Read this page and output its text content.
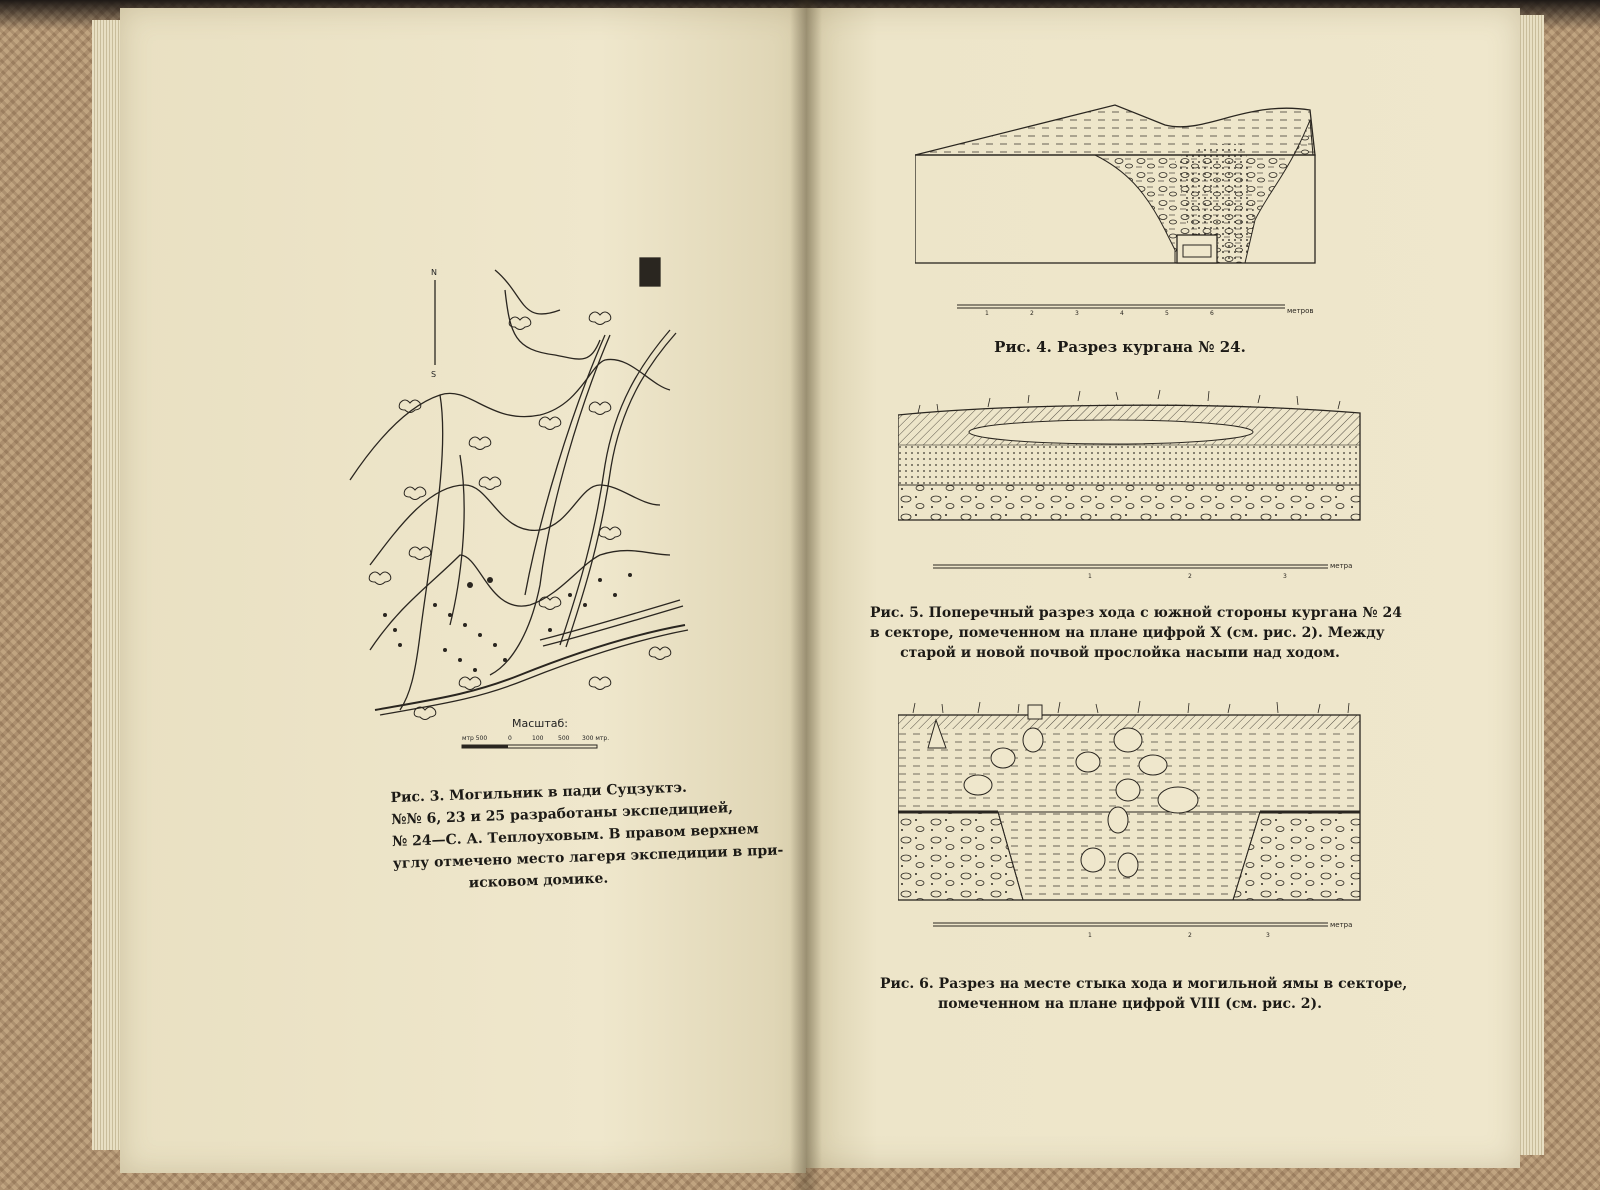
N
S
Масштаб:
мтр 500	0	100 500 300 мтр.
Рис. 3. Могильник в пади Суцзуктэ.
№№ 6, 23 и 25 разработаны экспедицией,
№ 24—С. А. Теплоуховым. В правом верхнем
углу отмечено место лагеря экспедиции в при-
исковом домике.
1	2	3	4	5	6	метров
Рис. 4. Разрез кургана № 24.
1	2	3
метра
Рис. 5. Поперечный разрез хода с южной стороны кургана № 24
в секторе, помеченном на плане цифрой X (см. рис. 2). Между
старой и новой почвой прослойка насыпи над ходом.
1	2	3
метра
Рис. 6. Разрез на месте стыка хода и могильной ямы в секторе,
помеченном на плане цифрой VIII (см. рис. 2).
